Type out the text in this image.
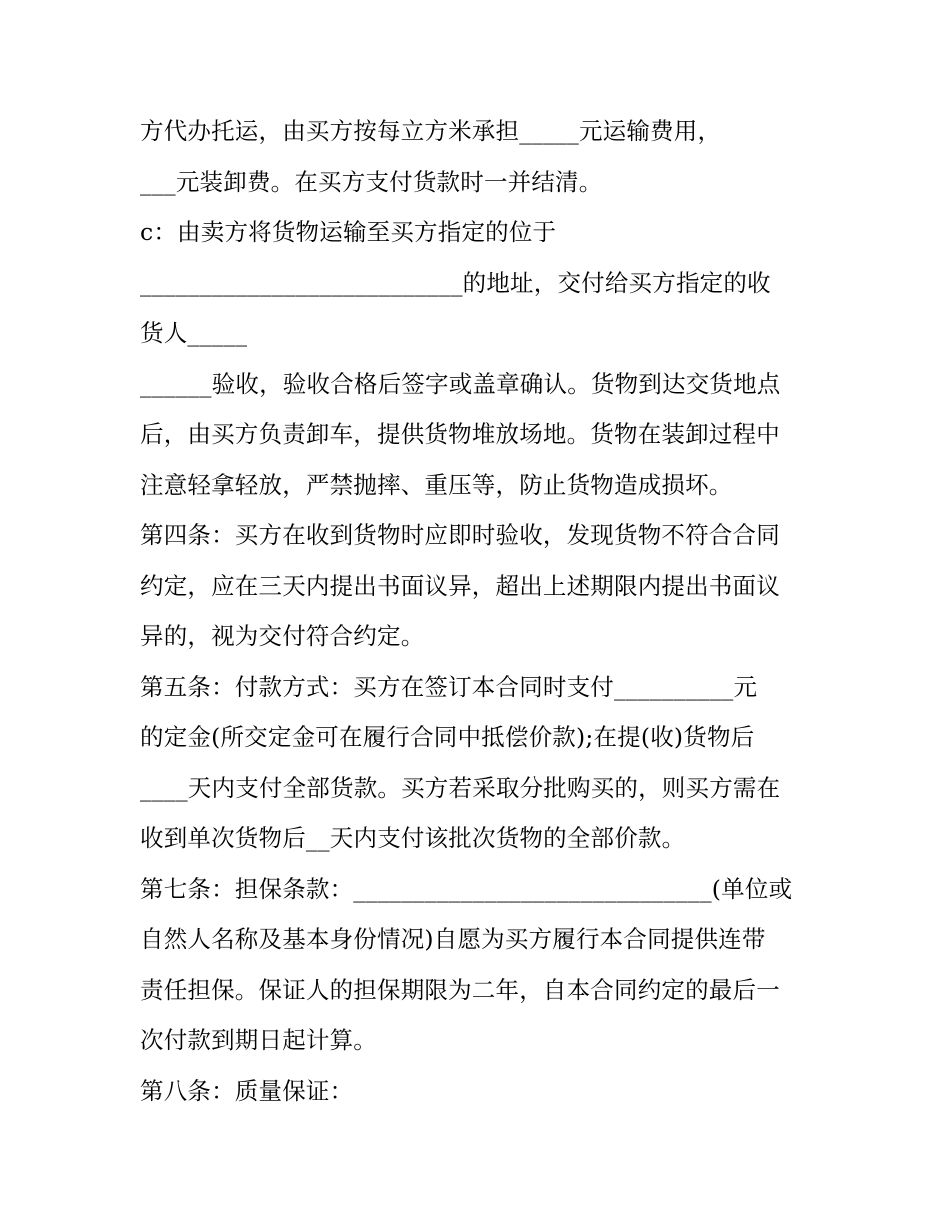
方代办托运，由买方按每立方米承担_____元运输费用，
___元装卸费。在买方支付货款时一并结清。
c：由卖方将货物运输至买方指定的位于
___________________________的地址，交付给买方指定的收
货人_____
______验收，验收合格后签字或盖章确认。货物到达交货地点
后，由买方负责卸车，提供货物堆放场地。货物在装卸过程中
注意轻拿轻放，严禁抛摔、重压等，防止货物造成损坏。
第四条：买方在收到货物时应即时验收，发现货物不符合合同
约定，应在三天内提出书面议异，超出上述期限内提出书面议
异的，视为交付符合约定。
第五条：付款方式：买方在签订本合同时支付__________元
的定金(所交定金可在履行合同中抵偿价款);在提(收)货物后
____天内支付全部货款。买方若采取分批购买的，则买方需在
收到单次货物后__天内支付该批次货物的全部价款。
第七条：担保条款：______________________________(单位或
自然人名称及基本身份情况)自愿为买方履行本合同提供连带
责任担保。保证人的担保期限为二年，自本合同约定的最后一
次付款到期日起计算。
第八条：质量保证：
